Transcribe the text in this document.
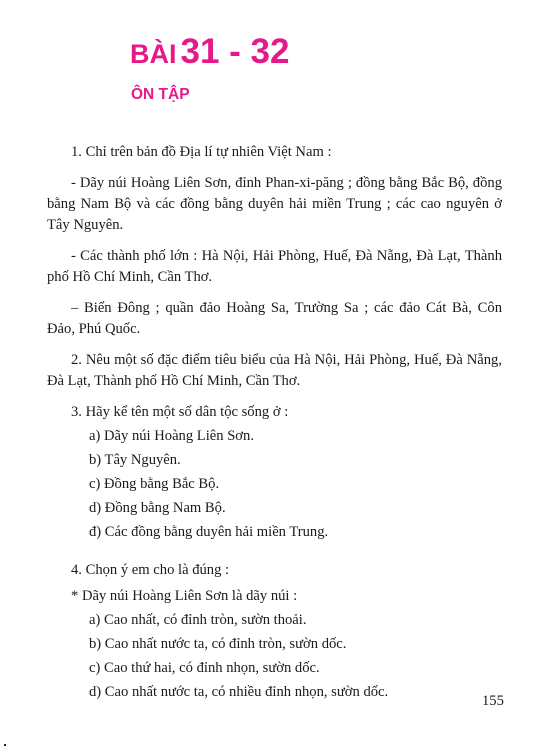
BÀI 31 - 32
ÔN TẬP

1. Chỉ trên bản đồ Địa lí tự nhiên Việt Nam :

- Dãy núi Hoàng Liên Sơn, đỉnh Phan-xi-păng ; đồng bằng Bắc Bộ, đồng bằng Nam Bộ và các đồng bằng duyên hải miền Trung ; các cao nguyên ở Tây Nguyên.

- Các thành phố lớn : Hà Nội, Hải Phòng, Huế, Đà Nẵng, Đà Lạt, Thành phố Hồ Chí Minh, Cần Thơ.

– Biển Đông ; quần đảo Hoàng Sa, Trường Sa ; các đảo Cát Bà, Côn Đảo, Phú Quốc.

2. Nêu một số đặc điểm tiêu biểu của Hà Nội, Hải Phòng, Huế, Đà Nẵng, Đà Lạt, Thành phố Hồ Chí Minh, Cần Thơ.

3. Hãy kể tên một số dân tộc sống ở :

a) Dãy núi Hoàng Liên Sơn.

b) Tây Nguyên.

c) Đồng bằng Bắc Bộ.

d) Đồng bằng Nam Bộ.

đ) Các đồng bằng duyên hải miền Trung.

4. Chọn ý em cho là đúng :

* Dãy núi Hoàng Liên Sơn là dãy núi :

a) Cao nhất, có đỉnh tròn, sườn thoải.

b) Cao nhất nước ta, có đỉnh tròn, sườn dốc.

c) Cao thứ hai, có đỉnh nhọn, sườn dốc.

d) Cao nhất nước ta, có nhiều đỉnh nhọn, sườn dốc.

155
